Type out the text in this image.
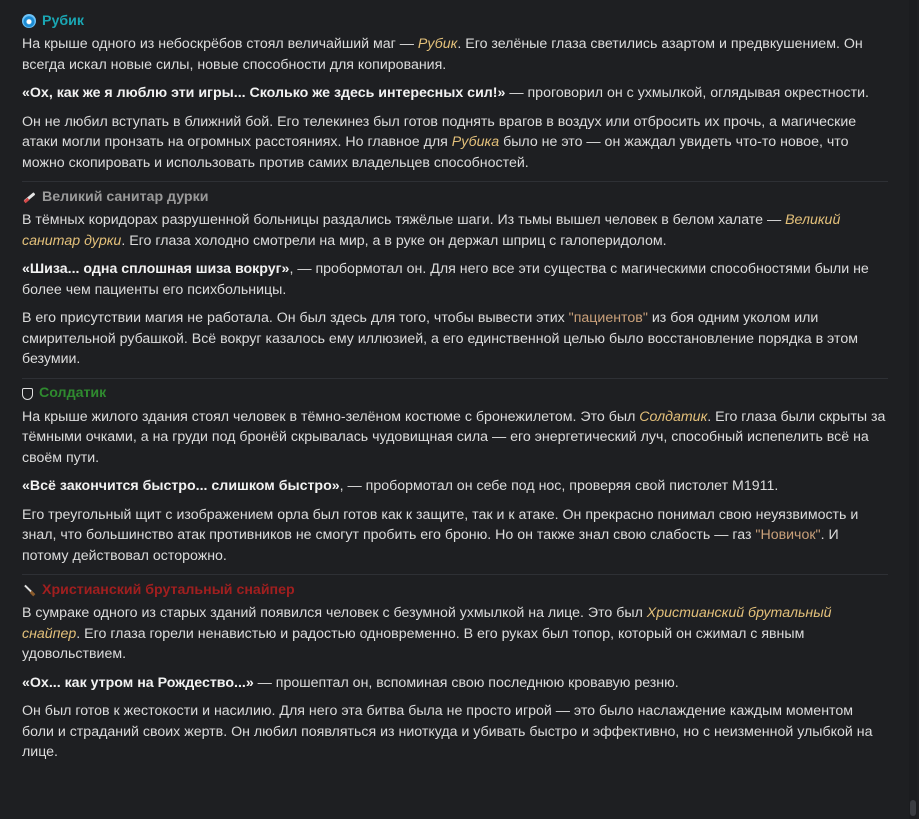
Рубик

На крыше одного из небоскрёбов стоял величайший маг — Рубик. Его зелёные глаза светились азартом и предвкушением. Он всегда искал новые силы, новые способности для копирования.

«Ох, как же я люблю эти игры... Сколько же здесь интересных сил!» — проговорил он с ухмылкой, оглядывая окрестности.

Он не любил вступать в ближний бой. Его телекинез был готов поднять врагов в воздух или отбросить их прочь, а магические атаки могли пронзать на огромных расстояниях. Но главное для Рубика было не это — он жаждал увидеть что-то новое, что можно скопировать и использовать против самих владельцев способностей.

Великий санитар дурки

В тёмных коридорах разрушенной больницы раздались тяжёлые шаги. Из тьмы вышел человек в белом халате — Великий санитар дурки. Его глаза холодно смотрели на мир, а в руке он держал шприц с галоперидолом.

«Шиза... одна сплошная шиза вокруг», — пробормотал он. Для него все эти существа с магическими способностями были не более чем пациенты его психбольницы.

В его присутствии магия не работала. Он был здесь для того, чтобы вывести этих "пациентов" из боя одним уколом или смирительной рубашкой. Всё вокруг казалось ему иллюзией, а его единственной целью было восстановление порядка в этом безумии.

Солдатик

На крыше жилого здания стоял человек в тёмно-зелёном костюме с бронежилетом. Это был Солдатик. Его глаза были скрыты за тёмными очками, а на груди под бронёй скрывалась чудовищная сила — его энергетический луч, способный испепелить всё на своём пути.

«Всё закончится быстро... слишком быстро», — пробормотал он себе под нос, проверяя свой пистолет M1911.

Его треугольный щит с изображением орла был готов как к защите, так и к атаке. Он прекрасно понимал свою неуязвимость и знал, что большинство атак противников не смогут пробить его броню. Но он также знал свою слабость — газ "Новичок". И потому действовал осторожно.

Христианский брутальный снайпер

В сумраке одного из старых зданий появился человек с безумной ухмылкой на лице. Это был Христианский брутальный снайпер. Его глаза горели ненавистью и радостью одновременно. В его руках был топор, который он сжимал с явным удовольствием.

«Ох... как утром на Рождество...» — прошептал он, вспоминая свою последнюю кровавую резню.

Он был готов к жестокости и насилию. Для него эта битва была не просто игрой — это было наслаждение каждым моментом боли и страданий своих жертв. Он любил появляться из ниоткуда и убивать быстро и эффективно, но с неизменной улыбкой на лице.
